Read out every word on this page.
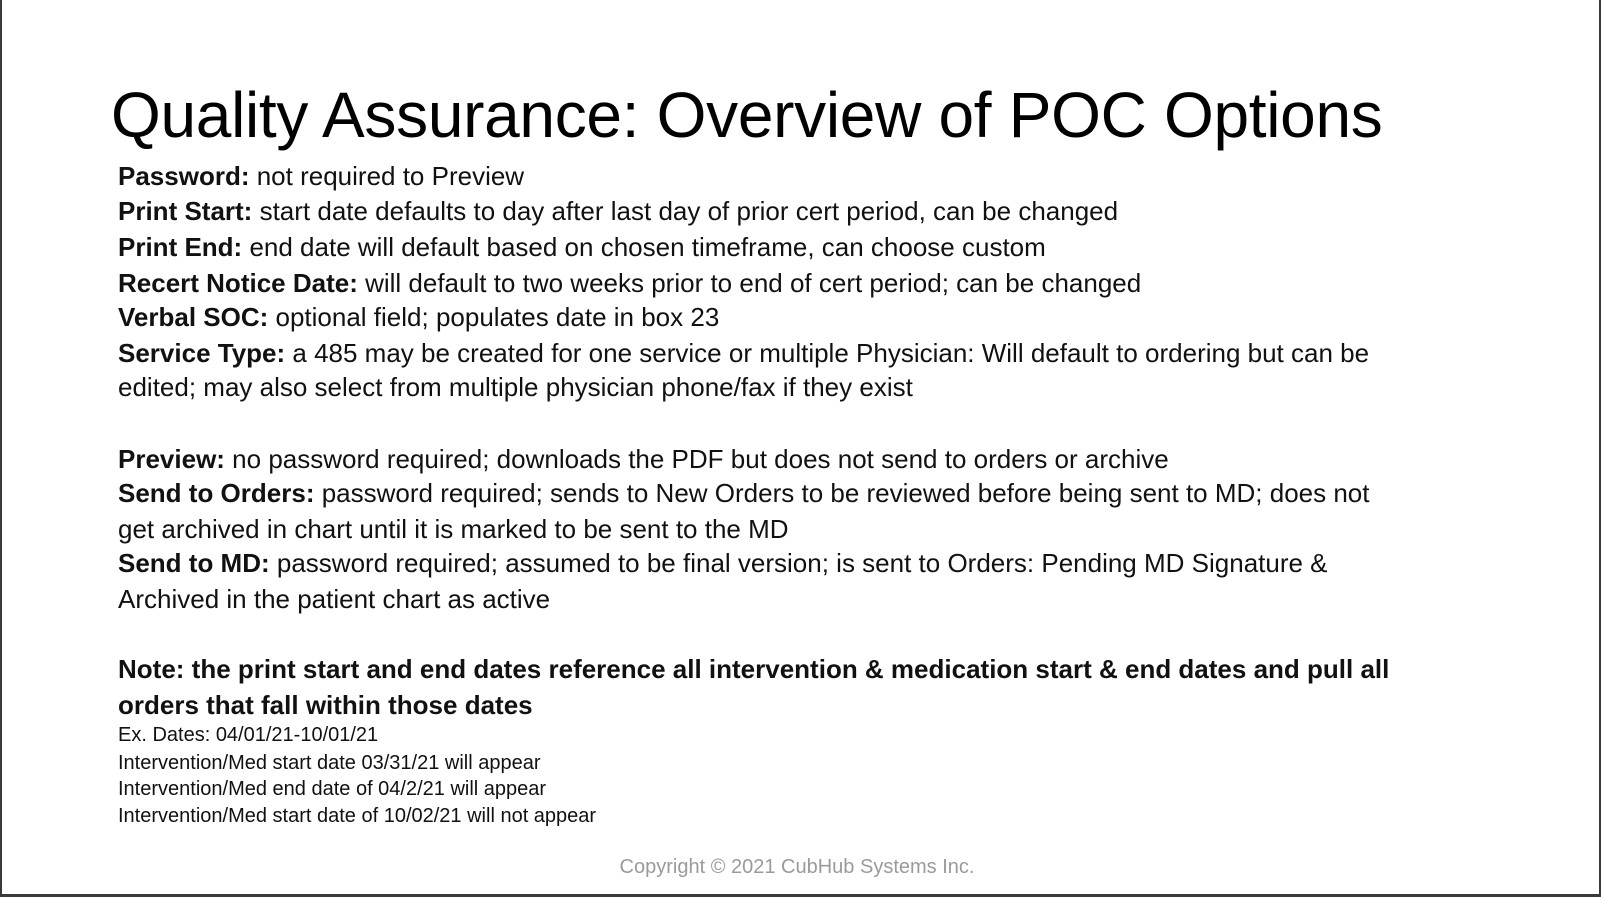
Quality Assurance: Overview of POC Options
Password: not required to Preview
Print Start: start date defaults to day after last day of prior cert period, can be changed
Print End: end date will default based on chosen timeframe, can choose custom
Recert Notice Date: will default to two weeks prior to end of cert period; can be changed
Verbal SOC: optional field; populates date in box 23
Service Type: a 485 may be created for one service or multiple Physician: Will default to ordering but can be
edited; may also select from multiple physician phone/fax if they exist
Preview: no password required; downloads the PDF but does not send to orders or archive
Send to Orders: password required; sends to New Orders to be reviewed before being sent to MD; does not
get archived in chart until it is marked to be sent to the MD
Send to MD: password required; assumed to be final version; is sent to Orders: Pending MD Signature &
Archived in the patient chart as active
Note: the print start and end dates reference all intervention & medication start & end dates and pull all
orders that fall within those dates
Ex. Dates: 04/01/21-10/01/21
Intervention/Med start date 03/31/21 will appear
Intervention/Med end date of 04/2/21 will appear
Intervention/Med start date of 10/02/21 will not appear
Copyright © 2021 CubHub Systems Inc.
